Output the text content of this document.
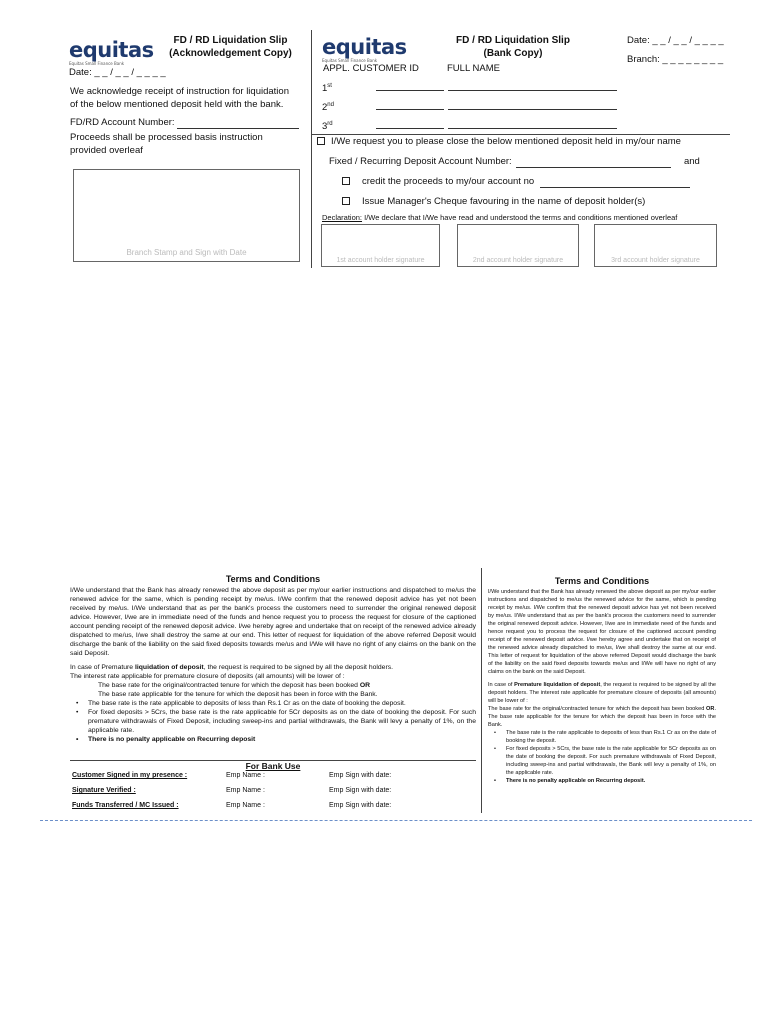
equitas
Equitas Small Finance Bank
FD / RD Liquidation Slip
(Acknowledgement Copy)
Date: _ _ / _ _ / _ _ _ _
We acknowledge receipt of instruction for liquidation of the below mentioned deposit held with the bank.
FD/RD Account Number:
Proceeds shall be processed basis instruction provided overleaf
Branch Stamp and Sign with Date
equitas
Equitas Small Finance Bank
FD / RD Liquidation Slip
(Bank Copy)
Date: _ _ / _ _ / _ _ _ _
Branch: _ _ _ _ _ _ _ _
APPL. CUSTOMER ID	FULL NAME
1st
2nd
3rd
I/We request you to please close the below mentioned deposit held in my/our name
Fixed / Recurring Deposit Account Number:	and
credit the proceeds to my/our account no
Issue Manager's Cheque favouring in the name of deposit holder(s)
Declaration: I/We declare that I/We have read and understood the terms and conditions mentioned overleaf
1st account holder signature	2nd account holder signature	3rd account holder signature
Terms and Conditions

I/We understand that the Bank has already renewed the above deposit as per my/our earlier instructions and dispatched to me/us the renewed advice for the same, which is pending receipt by me/us. I/We confirm that the renewed deposit advice has yet not been received by me/us. I/We understand that as per the bank's process the customers need to surrender the original renewed deposit advice. However, I/we are in immediate need of the funds and hence request you to process the request for closure of the captioned account pending receipt of the renewed deposit advice. I/we hereby agree and undertake that on receipt of the renewed advice already dispatched to me/us, I/we shall destroy the same at our end. This letter of request for liquidation of the above referred Deposit would discharge the bank of the liability on the said fixed deposits towards me/us and I/We will have no right of any claims on the bank on the said Deposit.

In case of Premature liquidation of deposit, the request is required to be signed by all the deposit holders.

The interest rate applicable for premature closure of deposits (all amounts) will be lower of :

The base rate for the original/contracted tenure for which the deposit has been booked OR

The base rate applicable for the tenure for which the deposit has been in force with the Bank.

• The base rate is the rate applicable to deposits of less than Rs.1 Cr as on the date of booking the deposit.
• For fixed deposits > 5Crs, the base rate is the rate applicable for 5Cr deposits as on the date of booking the deposit. For such premature withdrawals of Fixed Deposit, including sweep-ins and partial withdrawals, the Bank will levy a penalty of 1%, on the applicable rate.
• There is no penalty applicable on Recurring deposit
For Bank Use
Customer Signed in my presence :	Emp Name :	Emp Sign with date:
Signature Verified :	Emp Name :	Emp Sign with date:
Funds Transferred / MC Issued :	Emp Name :	Emp Sign with date:
Terms and Conditions

I/We understand that the Bank has already renewed the above deposit as per my/our earlier instructions and dispatched to me/us the renewed advice for the same, which is pending receipt by me/us. I/We confirm that the renewed deposit advice has yet not been received by me/us. I/We understand that as per the bank's process the customers need to surrender the original renewed deposit advice. However, I/we are in immediate need of the funds and hence request you to process the request for closure of the captioned account pending receipt of the renewed deposit advice. I/we hereby agree and undertake that on receipt of the renewed advice already dispatched to me/us, I/we shall destroy the same at our end. This letter of request for liquidation of the above referred Deposit would discharge the bank of the liability on the said fixed deposits towards me/us and I/We will have no right of any claims on the bank on the said Deposit.

In case of Premature liquidation of deposit, the request is required to be signed by all the deposit holders. The interest rate applicable for premature closure of deposits (all amounts) will be lower of :

The base rate for the original/contracted tenure for which the deposit has been booked OR. The base rate applicable for the tenure for which the deposit has been in force with the Bank.

• The base rate is the rate applicable to deposits of less than Rs.1 Cr as on the date of booking the deposit.
• For fixed deposits > 5Crs, the base rate is the rate applicable for 5Cr deposits as on the date of booking the deposit. For such premature withdrawals of Fixed Deposit, including sweep-ins and partial withdrawals, the Bank will levy a penalty of 1%, on the applicable rate.
• There is no penalty applicable on Recurring deposit.
